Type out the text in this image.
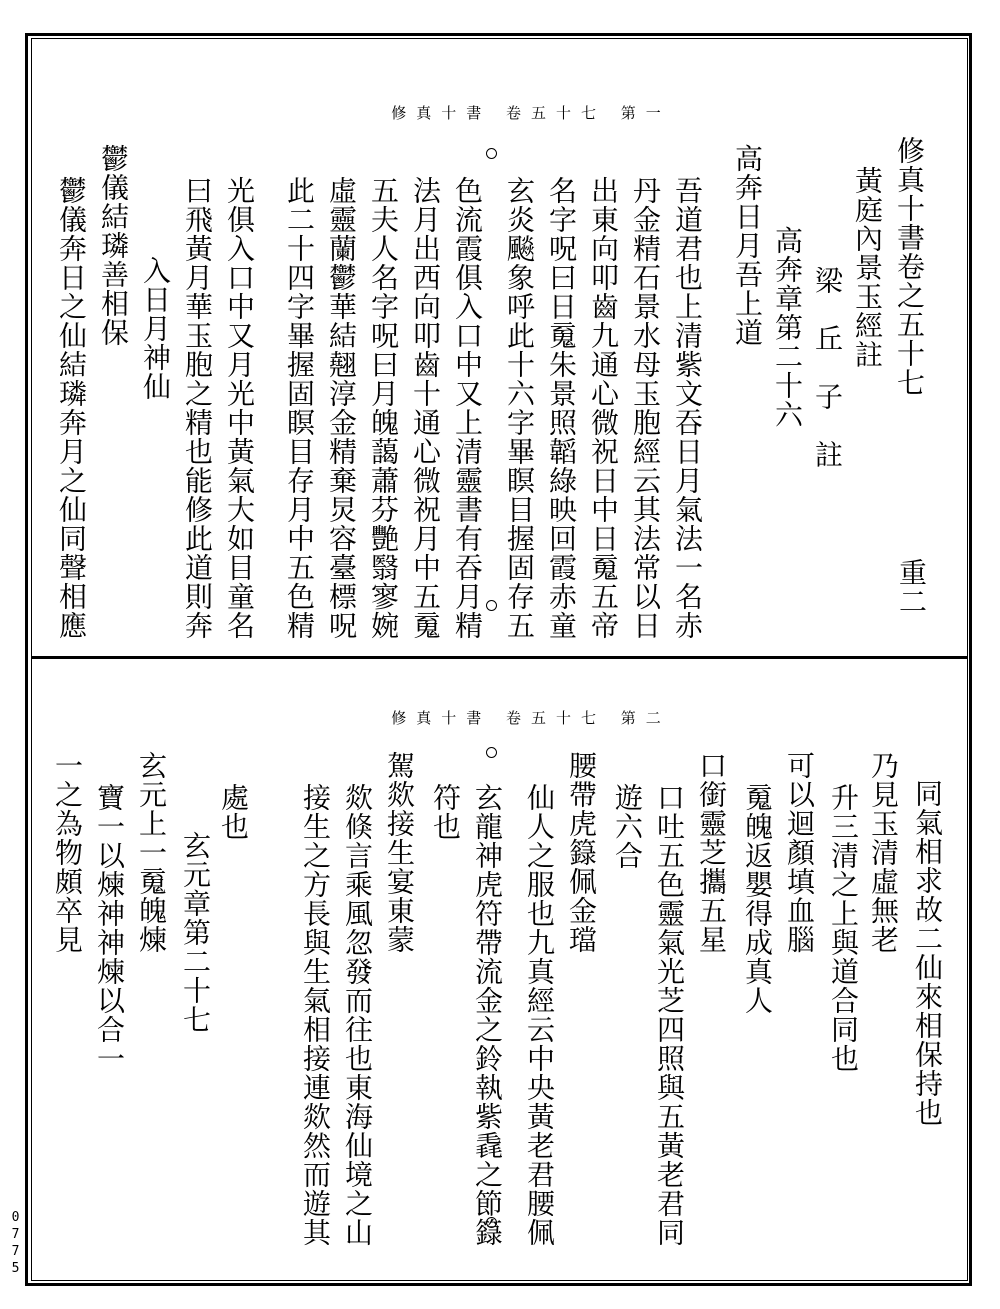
修真十書 卷五十七 第一
修真十書卷之五十七
黃庭內景玉經註
梁　丘　子　註
高奔章第二十六
高奔日月吾上道
重二
吾道君也上清紫文吞日月氣法一名赤
丹金精石景水母玉胞經云其法常以日
出東向叩齒九通心微祝日中日䰟五帝
名字呪曰日䰟朱景照韜綠映回霞赤童
玄炎飈象呼此十六字畢瞑目握固存五
色流霞俱入口中又上清靈書有吞月精
法月出西向叩齒十通心微祝月中五䰟
五夫人名字呪曰月魄藹蕭芬艷翳寥婉
虛靈蘭鬱華結翹淳金精棄炅容臺標呪
此二十四字畢握固瞑目存月中五色精
光俱入口中又月光中黃氣大如目童名
曰飛黃月華玉胞之精也能修此道則奔
入日月神仙
鬱儀結璘善相保
鬱儀奔日之仙結璘奔月之仙同聲相應
修真十書 卷五十七 第二
同氣相求故二仙來相保持也
乃見玉清虛無老
升三清之上與道合同也
可以迴顏填血腦
䰟魄返嬰得成真人
口銜靈芝攜五星
口吐五色靈氣光芝四照與五黃老君同
遊六合
腰帶虎籙佩金璫
仙人之服也九真經云中央黃老君腰佩
玄龍神虎符帶流金之鈴執紫毳之節籙
符也
駕欻接生宴東蒙
欻倏言乘風忽發而往也東海仙境之山
接生之方長與生氣相接連欻然而遊其
處也
玄元章第二十七
玄元上一䰟魄煉
寶一以煉神神煉以合一
一之為物頗卒見
0775
